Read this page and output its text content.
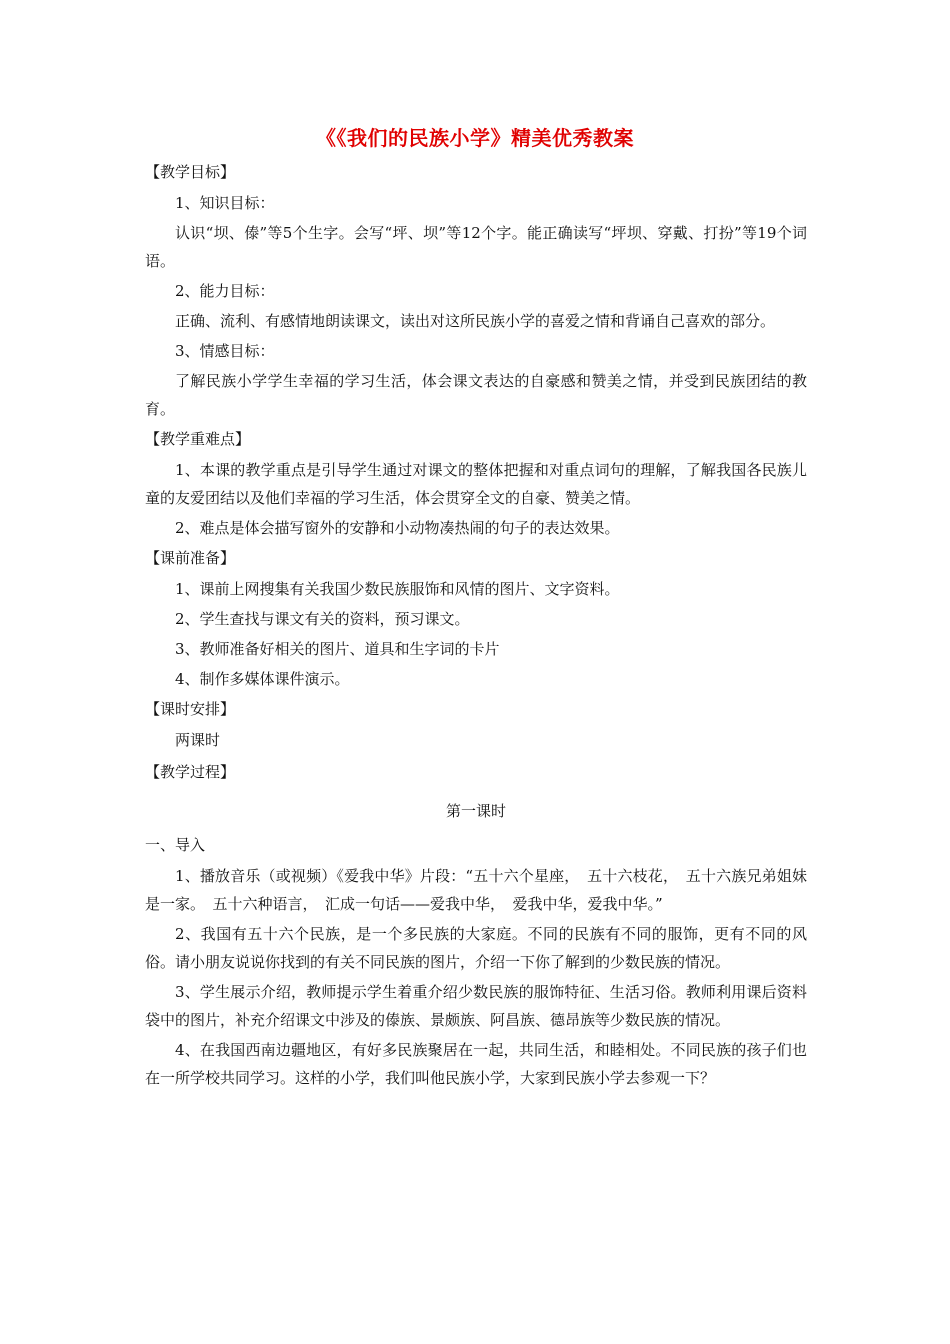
《《我们的民族小学》精美优秀教案
【教学目标】

1、知识目标：

认识“坝、傣”等5个生字。会写“坪、坝”等12个字。能正确读写“坪坝、穿戴、打扮”等19个词语。

2、能力目标：

正确、流利、有感情地朗读课文，读出对这所民族小学的喜爱之情和背诵自己喜欢的部分。

3、情感目标：

了解民族小学学生幸福的学习生活，体会课文表达的自豪感和赞美之情，并受到民族团结的教育。

【教学重难点】

1、本课的教学重点是引导学生通过对课文的整体把握和对重点词句的理解，了解我国各民族儿童的友爱团结以及他们幸福的学习生活，体会贯穿全文的自豪、赞美之情。

2、难点是体会描写窗外的安静和小动物凑热闹的句子的表达效果。

【课前准备】

1、课前上网搜集有关我国少数民族服饰和风情的图片、文字资料。

2、学生查找与课文有关的资料，预习课文。

3、教师准备好相关的图片、道具和生字词的卡片

4、制作多媒体课件演示。

【课时安排】

两课时

【教学过程】
第一课时
一、导入

1、播放音乐（或视频）《爱我中华》片段：“五十六个星座，　五十六枝花，　五十六族兄弟姐妹是一家。　五十六种语言，　汇成一句话——爱我中华，　爱我中华，爱我中华。”

2、我国有五十六个民族，是一个多民族的大家庭。不同的民族有不同的服饰，更有不同的风俗。请小朋友说说你找到的有关不同民族的图片，介绍一下你了解到的少数民族的情况。

3、学生展示介绍，教师提示学生着重介绍少数民族的服饰特征、生活习俗。教师利用课后资料袋中的图片，补充介绍课文中涉及的傣族、景颇族、阿昌族、德昂族等少数民族的情况。

4、在我国西南边疆地区，有好多民族聚居在一起，共同生活，和睦相处。不同民族的孩子们也在一所学校共同学习。这样的小学，我们叫他民族小学，大家到民族小学去参观一下？
